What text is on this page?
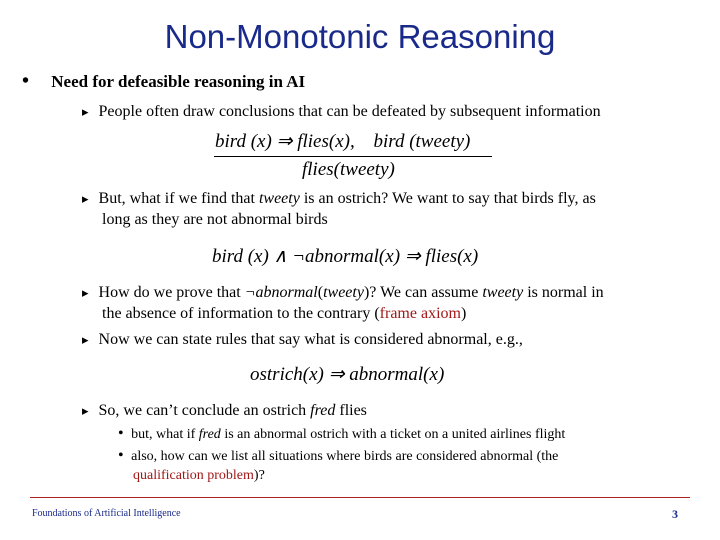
Non-Monotonic Reasoning
• Need for defeasible reasoning in AI
▸ People often draw conclusions that can be defeated by subsequent information
bird (x) ⇒ flies(x), bird (tweety)
flies(tweety)
▸ But, what if we find that tweety is an ostrich? We want to say that birds fly, as
long as they are not abnormal birds
bird (x) ∧ ¬abnormal(x) ⇒ flies(x)
▸ How do we prove that ¬abnormal(tweety)? We can assume tweety is normal in
the absence of information to the contrary (frame axiom)
▸ Now we can state rules that say what is considered abnormal, e.g.,
ostrich(x) ⇒ abnormal(x)
▸ So, we can’t conclude an ostrich fred flies
• but, what if fred is an abnormal ostrich with a ticket on a united airlines flight
• also, how can we list all situations where birds are considered abnormal (the
qualification problem)?
Foundations of Artificial Intelligence	3
